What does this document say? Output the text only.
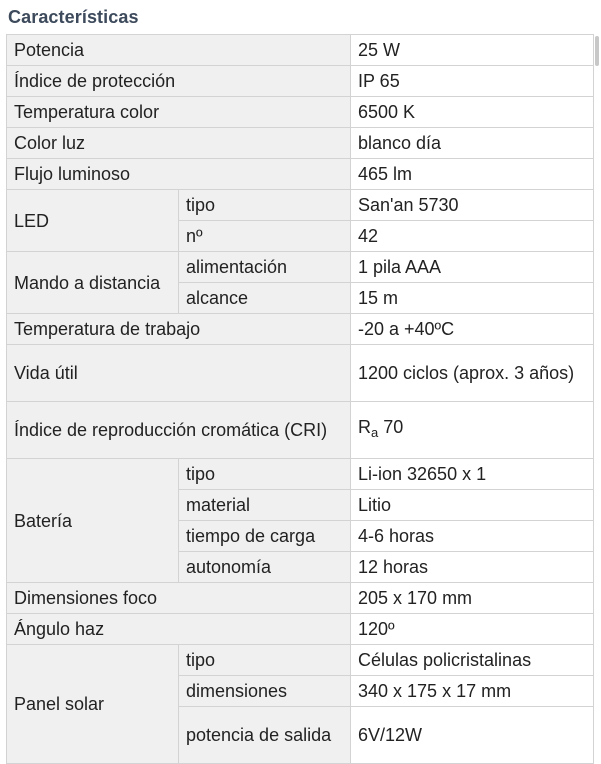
Características
Potencia		25 W
Índice de protección		IP 65
Temperatura color		6500 K
Color luz		blanco día
Flujo luminoso		465 lm
LED	tipo	San'an 5730
	nº	42
Mando a distancia	alimentación	1 pila AAA
	alcance	15 m
Temperatura de trabajo		-20 a +40ºC
Vida útil		1200 ciclos (aprox. 3 años)
Índice de reproducción cromática (CRI)		$R_a$ 70
Batería	tipo	Li-ion 32650 x 1
	material	Litio
	tiempo de carga	4-6 horas
	autonomía	12 horas
Dimensiones foco		205 x 170 mm
Ángulo haz		120º
Panel solar	tipo	Células policristalinas
	dimensiones	340 x 175 x 17 mm
	potencia de salida	6V/12W
